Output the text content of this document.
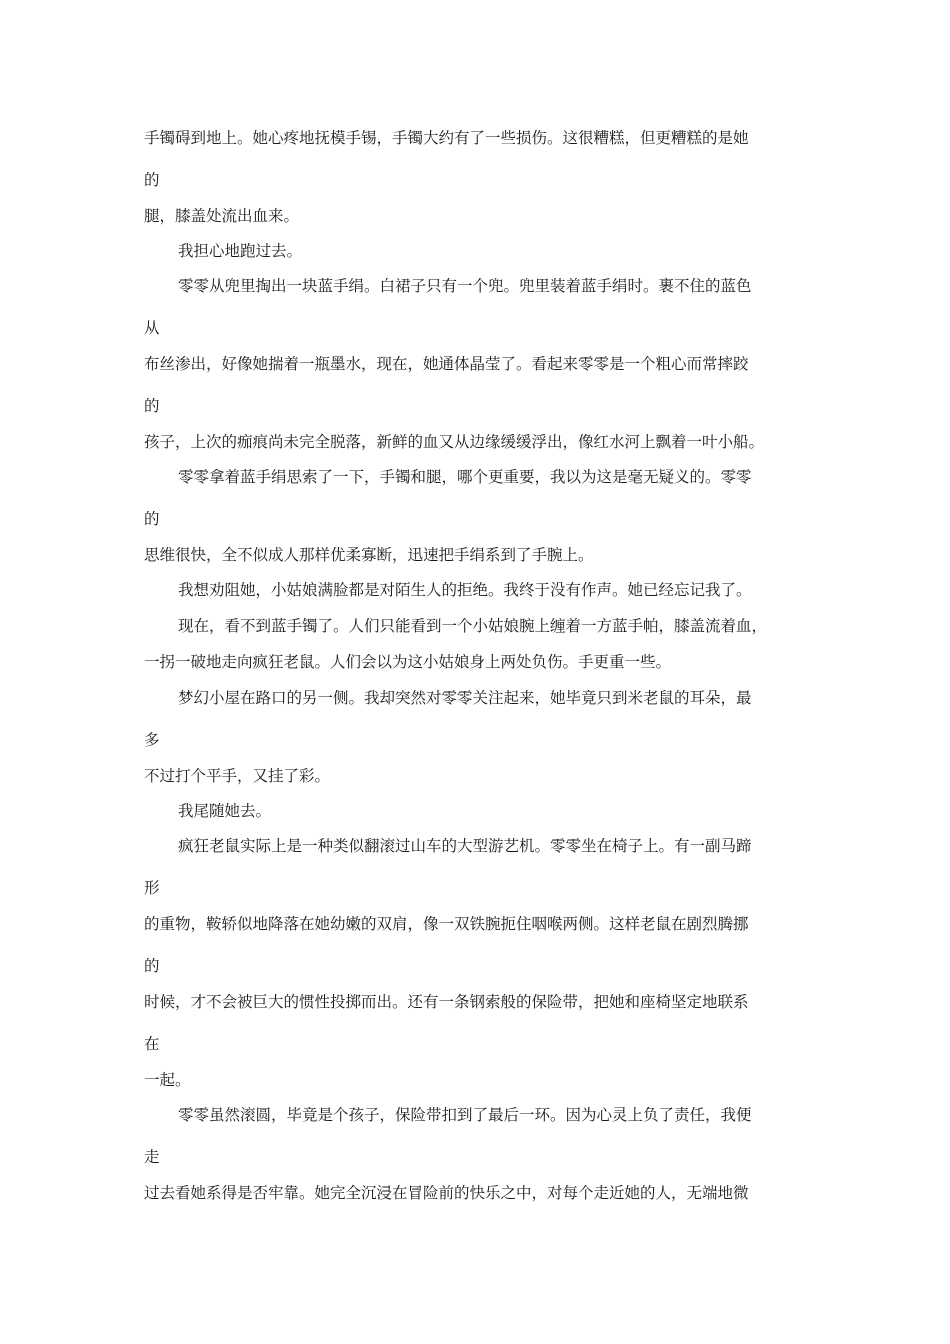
手镯碍到地上。她心疼地抚模手锡，手镯大约有了一些损伤。这很糟糕，但更糟糕的是她

的

腿，膝盖处流出血来。

我担心地跑过去。

零零从兜里掏出一块蓝手绢。白裙子只有一个兜。兜里装着蓝手绢时。裹不住的蓝色

从

布丝渗出，好像她揣着一瓶墨水，现在，她通体晶莹了。看起来零零是一个粗心而常摔跤

的

孩子，上次的痂痕尚未完全脱落，新鲜的血又从边缘缓缓浮出，像红水河上飘着一叶小船。

零零拿着蓝手绢思索了一下，手镯和腿，哪个更重要，我以为这是毫无疑义的。零零

的

思维很快，全不似成人那样优柔寡断，迅速把手绢系到了手腕上。

我想劝阻她，小姑娘满脸都是对陌生人的拒绝。我终于没有作声。她已经忘记我了。

现在，看不到蓝手镯了。人们只能看到一个小姑娘腕上缠着一方蓝手帕，膝盖流着血，

一拐一破地走向疯狂老鼠。人们会以为这小姑娘身上两处负伤。手更重一些。

梦幻小屋在路口的另一侧。我却突然对零零关注起来，她毕竟只到米老鼠的耳朵，最

多

不过打个平手，又挂了彩。

我尾随她去。

疯狂老鼠实际上是一种类似翻滚过山车的大型游艺机。零零坐在椅子上。有一副马蹄

形

的重物，鞍轿似地降落在她幼嫩的双肩，像一双铁腕扼住咽喉两侧。这样老鼠在剧烈腾挪

的

时候，才不会被巨大的惯性投掷而出。还有一条钢索般的保险带，把她和座椅坚定地联系

在

一起。

零零虽然滚圆，毕竟是个孩子，保险带扣到了最后一环。因为心灵上负了责任，我便

走

过去看她系得是否牢靠。她完全沉浸在冒险前的快乐之中，对每个走近她的人，无端地微
